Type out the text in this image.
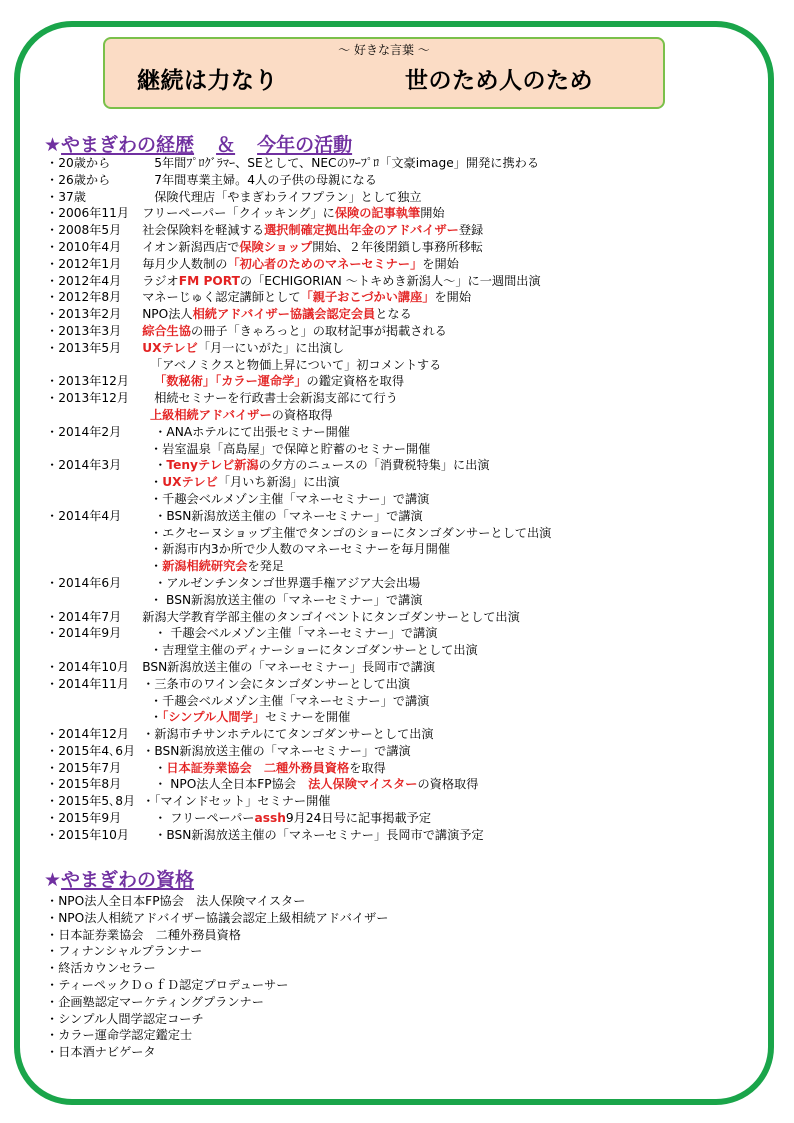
～ 好きな言葉 ～
継続は力なり	世のため人のため
★やまぎわの経歴 ＆ 今年の活動
・20歳から	5年間ﾌﾟﾛｸﾞﾗﾏｰ、SEとして、NECのﾜｰﾌﾟﾛ「文豪image」開発に携わる
・26歳から	7年間専業主婦。4人の子供の母親になる
・37歳	保険代理店「やまぎわライフプラン」として独立
・2006年11月 フリーペーパー「クイッキング」に保険の記事執筆開始
・2008年5月 社会保険料を軽減する選択制確定拠出年金のアドバイザー登録
・2010年4月 イオン新潟西店で保険ショップ開始、２年後閉鎖し事務所移転
・2012年1月 毎月少人数制の「初心者のためのマネーセミナー」を開始
・2012年4月 ラジオFM PORTの「ECHIGORIAN ～トキめき新潟人～」に一週間出演
・2012年8月 マネーじゅく認定講師として「親子おこづかい講座」を開始
・2013年2月 NPO法人相続アドバイザー協議会認定会員となる
・2013年3月 綜合生協の冊子「きゃろっと」の取材記事が掲載される
・2013年5月 UXテレビ「月一にいがた」に出演し
「アベノミクスと物価上昇について」初コメントする
・2013年12月 「数秘術」「カラー運命学」の鑑定資格を取得
・2013年12月 相続セミナーを行政書士会新潟支部にて行う
上級相続アドバイザーの資格取得
・2014年2月	・ANAホテルにて出張セミナー開催
・岩室温泉「高島屋」で保障と貯蓄のセミナー開催
・2014年3月	・Tenyテレビ新潟の夕方のニュースの「消費税特集」に出演
・UXテレビ「月いち新潟」に出演
・千趣会ベルメゾン主催「マネーセミナー」で講演
・2014年4月	・BSN新潟放送主催の「マネーセミナー」で講演
・エクセーヌショップ主催でタンゴのショーにタンゴダンサーとして出演
・新潟市内3か所で少人数のマネーセミナーを毎月開催
・新潟相続研究会を発足
・2014年6月	・アルゼンチンタンゴ世界選手権アジア大会出場
・ BSN新潟放送主催の「マネーセミナー」で講演
・2014年7月 新潟大学教育学部主催のタンゴイベントにタンゴダンサーとして出演
・2014年9月	・ 千趣会ベルメゾン主催「マネーセミナー」で講演
・吉理堂主催のディナーショーにタンゴダンサーとして出演
・2014年10月 BSN新潟放送主催の「マネーセミナー」長岡市で講演
・2014年11月 ・三条市のワイン会にタンゴダンサーとして出演
・千趣会ベルメゾン主催「マネーセミナー」で講演
・「シンプル人間学」セミナーを開催
・2014年12月 ・新潟市チサンホテルにてタンゴダンサーとして出演
・2015年4､6月 ・BSN新潟放送主催の「マネーセミナー」で講演
・2015年7月	・日本証券業協会　二種外務員資格を取得
・2015年8月	・ NPO法人全日本FP協会　法人保険マイスターの資格取得
・2015年5､8月 ・「マインドセット」セミナー開催
・2015年9月	・ フリーペーパーassh9月24日号に記事掲載予定
・2015年10月 ・BSN新潟放送主催の「マネーセミナー」長岡市で講演予定
★やまぎわの資格
・NPO法人全日本FP協会　法人保険マイスター
・NPO法人相続アドバイザー協議会認定上級相続アドバイザー
・日本証券業協会　二種外務員資格
・フィナンシャルプランナー
・終活カウンセラー
・ティーペックＤｏｆＤ認定プロデューサー
・企画塾認定マーケティングプランナー
・シンプル人間学認定コーチ
・カラー運命学認定鑑定士
・日本酒ナビゲータ
